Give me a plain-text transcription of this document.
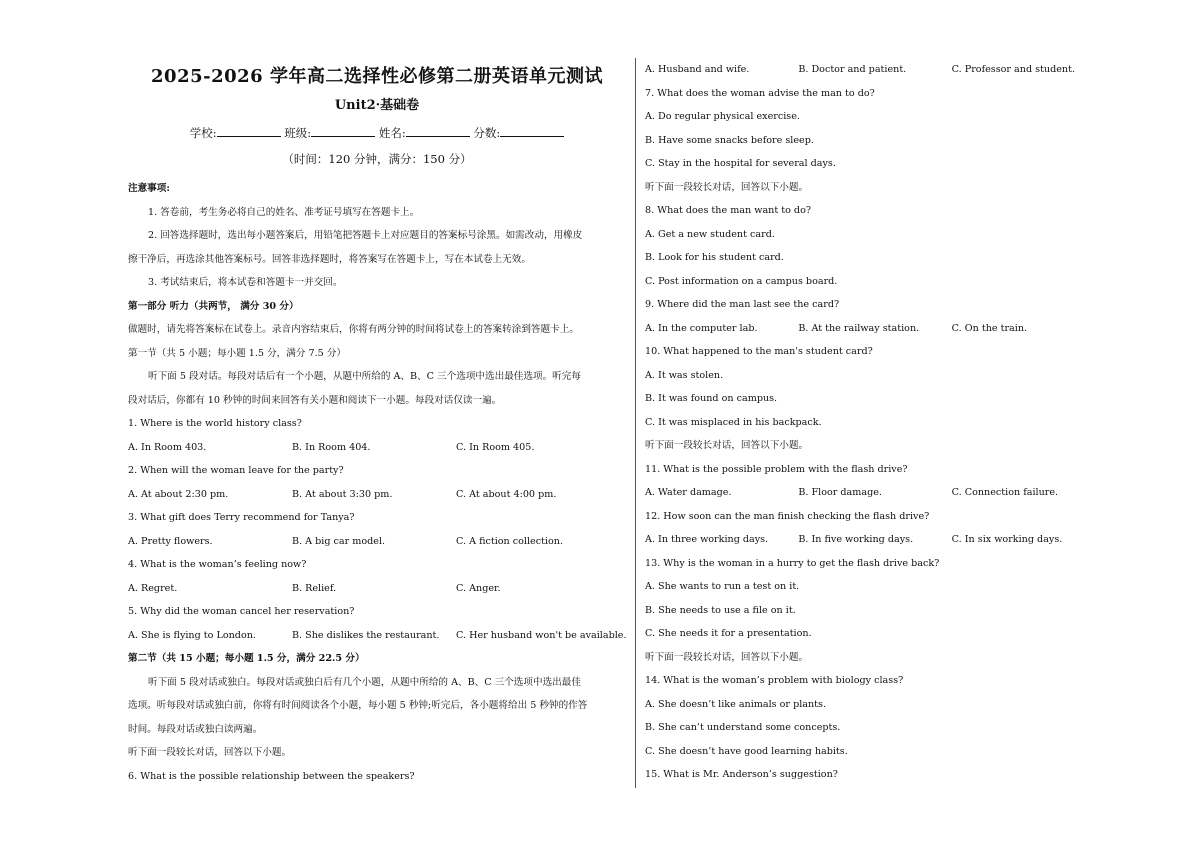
2025-2026 学年高二选择性必修第二册英语单元测试
Unit2·基础卷
学校:	班级:	姓名:	分数:
（时间：120 分钟，满分：150 分）
注意事项:
1. 答卷前，考生务必将自己的姓名、准考证号填写在答题卡上。
2. 回答选择题时，选出每小题答案后，用铅笔把答题卡上对应题目的答案标号涂黑。如需改动，用橡皮
擦干净后，再选涂其他答案标号。回答非选择题时，将答案写在答题卡上，写在本试卷上无效。
3. 考试结束后，将本试卷和答题卡一并交回。
第一部分 听力（共两节， 满分 30 分）
做题时，请先将答案标在试卷上。录音内容结束后，你将有两分钟的时间将试卷上的答案转涂到答题卡上。
第一节（共 5 小题；每小题 1.5 分，满分 7.5 分）
听下面 5 段对话。每段对话后有一个小题，从题中所给的 A、B、C 三个选项中选出最佳选项。听完每
段对话后，你都有 10 秒钟的时间来回答有关小题和阅读下一小题。每段对话仅读一遍。
1. Where is the world history class?
A. In Room 403.	B. In Room 404.	C. In Room 405.
2. When will the woman leave for the party?
A. At about 2:30 pm.	B. At about 3:30 pm.	C. At about 4:00 pm.
3. What gift does Terry recommend for Tanya?
A. Pretty flowers.	B. A big car model.	C. A fiction collection.
4. What is the woman’s feeling now?
A. Regret.	B. Relief.	C. Anger.
5. Why did the woman cancel her reservation?
A. She is flying to London.	B. She dislikes the restaurant.	C. Her husband won't be available.
第二节（共 15 小题；每小题 1.5 分，满分 22.5 分）
听下面 5 段对话或独白。每段对话或独白后有几个小题，从题中所给的 A、B、C 三个选项中选出最佳
选项。听每段对话或独白前，你将有时间阅读各个小题，每小题 5 秒钟;听完后，各小题将给出 5 秒钟的作答
时间。每段对话或独白读两遍。
听下面一段较长对话，回答以下小题。
6. What is the possible relationship between the speakers?
A. Husband and wife.	B. Doctor and patient.	C. Professor and student.
7. What does the woman advise the man to do?
A. Do regular physical exercise.
B. Have some snacks before sleep.
C. Stay in the hospital for several days.
听下面一段较长对话，回答以下小题。
8. What does the man want to do?
A. Get a new student card.
B. Look for his student card.
C. Post information on a campus board.
9. Where did the man last see the card?
A. In the computer lab.	B. At the railway station.	C. On the train.
10. What happened to the man's student card?
A. It was stolen.
B. It was found on campus.
C. It was misplaced in his backpack.
听下面一段较长对话，回答以下小题。
11. What is the possible problem with the flash drive?
A. Water damage.	B. Floor damage.	C. Connection failure.
12. How soon can the man finish checking the flash drive?
A. In three working days.	B. In five working days.	C. In six working days.
13. Why is the woman in a hurry to get the flash drive back?
A. She wants to run a test on it.
B. She needs to use a file on it.
C. She needs it for a presentation.
听下面一段较长对话，回答以下小题。
14. What is the woman’s problem with biology class?
A. She doesn’t like animals or plants.
B. She can’t understand some concepts.
C. She doesn’t have good learning habits.
15. What is Mr. Anderson’s suggestion?
